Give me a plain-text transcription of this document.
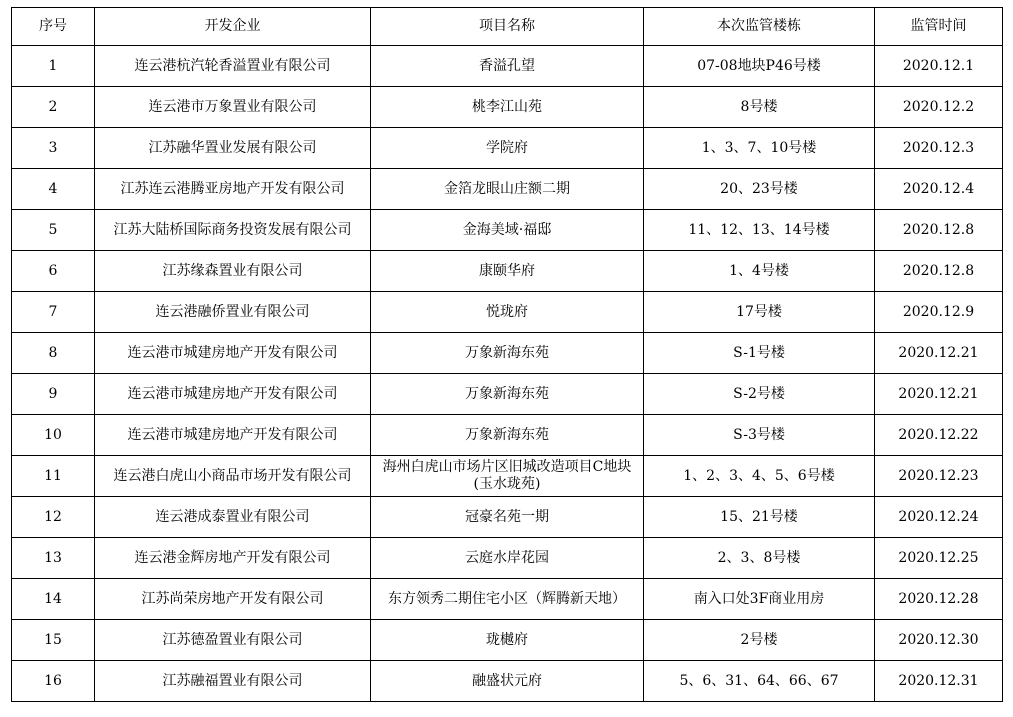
序号	开发企业	项目名称	本次监管楼栋	监管时间
1	连云港杭汽轮香溢置业有限公司	香溢孔望	07-08地块P46号楼	2020.12.1
2	连云港市万象置业有限公司	桃李江山苑	8号楼	2020.12.2
3	江苏融华置业发展有限公司	学院府	1、3、7、10号楼	2020.12.3
4	江苏连云港腾亚房地产开发有限公司	金箔龙眼山庄额二期	20、23号楼	2020.12.4
5	江苏大陆桥国际商务投资发展有限公司	金海美域·福邸	11、12、13、14号楼	2020.12.8
6	江苏缘森置业有限公司	康颐华府	1、4号楼	2020.12.8
7	连云港融侨置业有限公司	悦珑府	17号楼	2020.12.9
8	连云港市城建房地产开发有限公司	万象新海东苑	S-1号楼	2020.12.21
9	连云港市城建房地产开发有限公司	万象新海东苑	S-2号楼	2020.12.21
10	连云港市城建房地产开发有限公司	万象新海东苑	S-3号楼	2020.12.22
11	连云港白虎山小商品市场开发有限公司	海州白虎山市场片区旧城改造项目C地块(玉水珑苑)	1、2、3、4、5、6号楼	2020.12.23
12	连云港成泰置业有限公司	冠豪名苑一期	15、21号楼	2020.12.24
13	连云港金辉房地产开发有限公司	云庭水岸花园	2、3、8号楼	2020.12.25
14	江苏尚荣房地产开发有限公司	东方领秀二期住宅小区（辉腾新天地）	南入口处3F商业用房	2020.12.28
15	江苏德盈置业有限公司	珑樾府	2号楼	2020.12.30
16	江苏融福置业有限公司	融盛状元府	5、6、31、64、66、67	2020.12.31
